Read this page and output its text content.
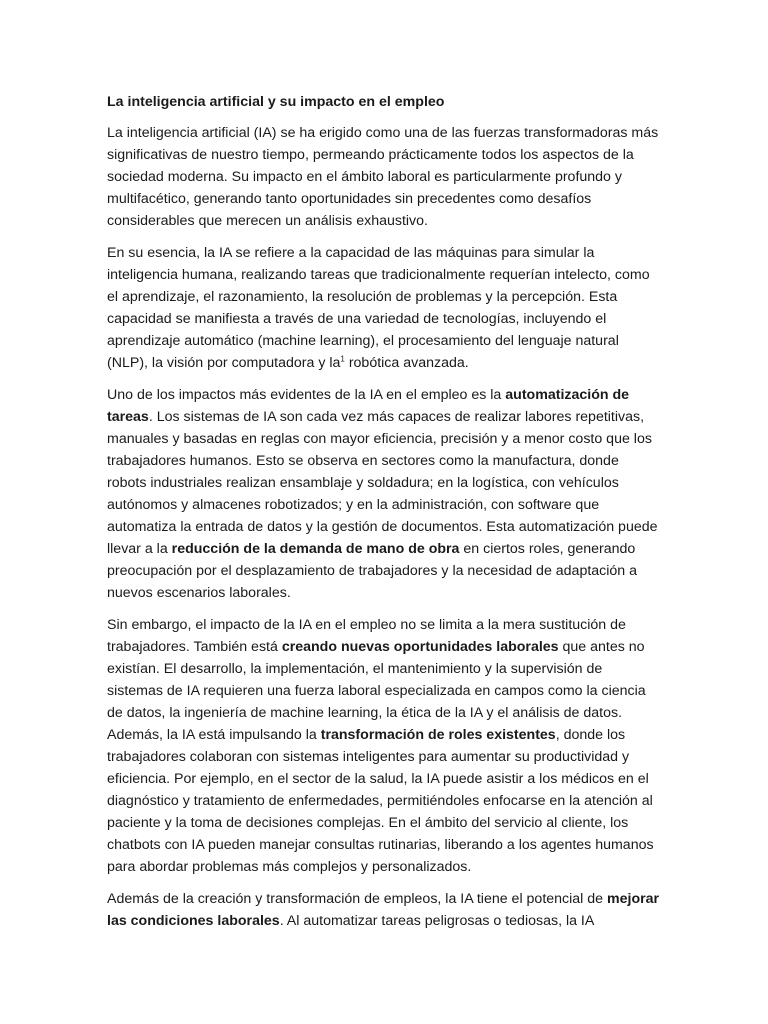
La inteligencia artificial y su impacto en el empleo

La inteligencia artificial (IA) se ha erigido como una de las fuerzas transformadoras más significativas de nuestro tiempo, permeando prácticamente todos los aspectos de la sociedad moderna. Su impacto en el ámbito laboral es particularmente profundo y multifacético, generando tanto oportunidades sin precedentes como desafíos considerables que merecen un análisis exhaustivo.

En su esencia, la IA se refiere a la capacidad de las máquinas para simular la inteligencia humana, realizando tareas que tradicionalmente requerían intelecto, como el aprendizaje, el razonamiento, la resolución de problemas y la percepción. Esta capacidad se manifiesta a través de una variedad de tecnologías, incluyendo el aprendizaje automático (machine learning), el procesamiento del lenguaje natural (NLP), la visión por computadora y la$^1$ robótica avanzada.

Uno de los impactos más evidentes de la IA en el empleo es la automatización de tareas. Los sistemas de IA son cada vez más capaces de realizar labores repetitivas, manuales y basadas en reglas con mayor eficiencia, precisión y a menor costo que los trabajadores humanos. Esto se observa en sectores como la manufactura, donde robots industriales realizan ensamblaje y soldadura; en la logística, con vehículos autónomos y almacenes robotizados; y en la administración, con software que automatiza la entrada de datos y la gestión de documentos. Esta automatización puede llevar a la reducción de la demanda de mano de obra en ciertos roles, generando preocupación por el desplazamiento de trabajadores y la necesidad de adaptación a nuevos escenarios laborales.

Sin embargo, el impacto de la IA en el empleo no se limita a la mera sustitución de trabajadores. También está creando nuevas oportunidades laborales que antes no existían. El desarrollo, la implementación, el mantenimiento y la supervisión de sistemas de IA requieren una fuerza laboral especializada en campos como la ciencia de datos, la ingeniería de machine learning, la ética de la IA y el análisis de datos. Además, la IA está impulsando la transformación de roles existentes, donde los trabajadores colaboran con sistemas inteligentes para aumentar su productividad y eficiencia. Por ejemplo, en el sector de la salud, la IA puede asistir a los médicos en el diagnóstico y tratamiento de enfermedades, permitiéndoles enfocarse en la atención al paciente y la toma de decisiones complejas. En el ámbito del servicio al cliente, los chatbots con IA pueden manejar consultas rutinarias, liberando a los agentes humanos para abordar problemas más complejos y personalizados.

Además de la creación y transformación de empleos, la IA tiene el potencial de mejorar las condiciones laborales. Al automatizar tareas peligrosas o tediosas, la IA
